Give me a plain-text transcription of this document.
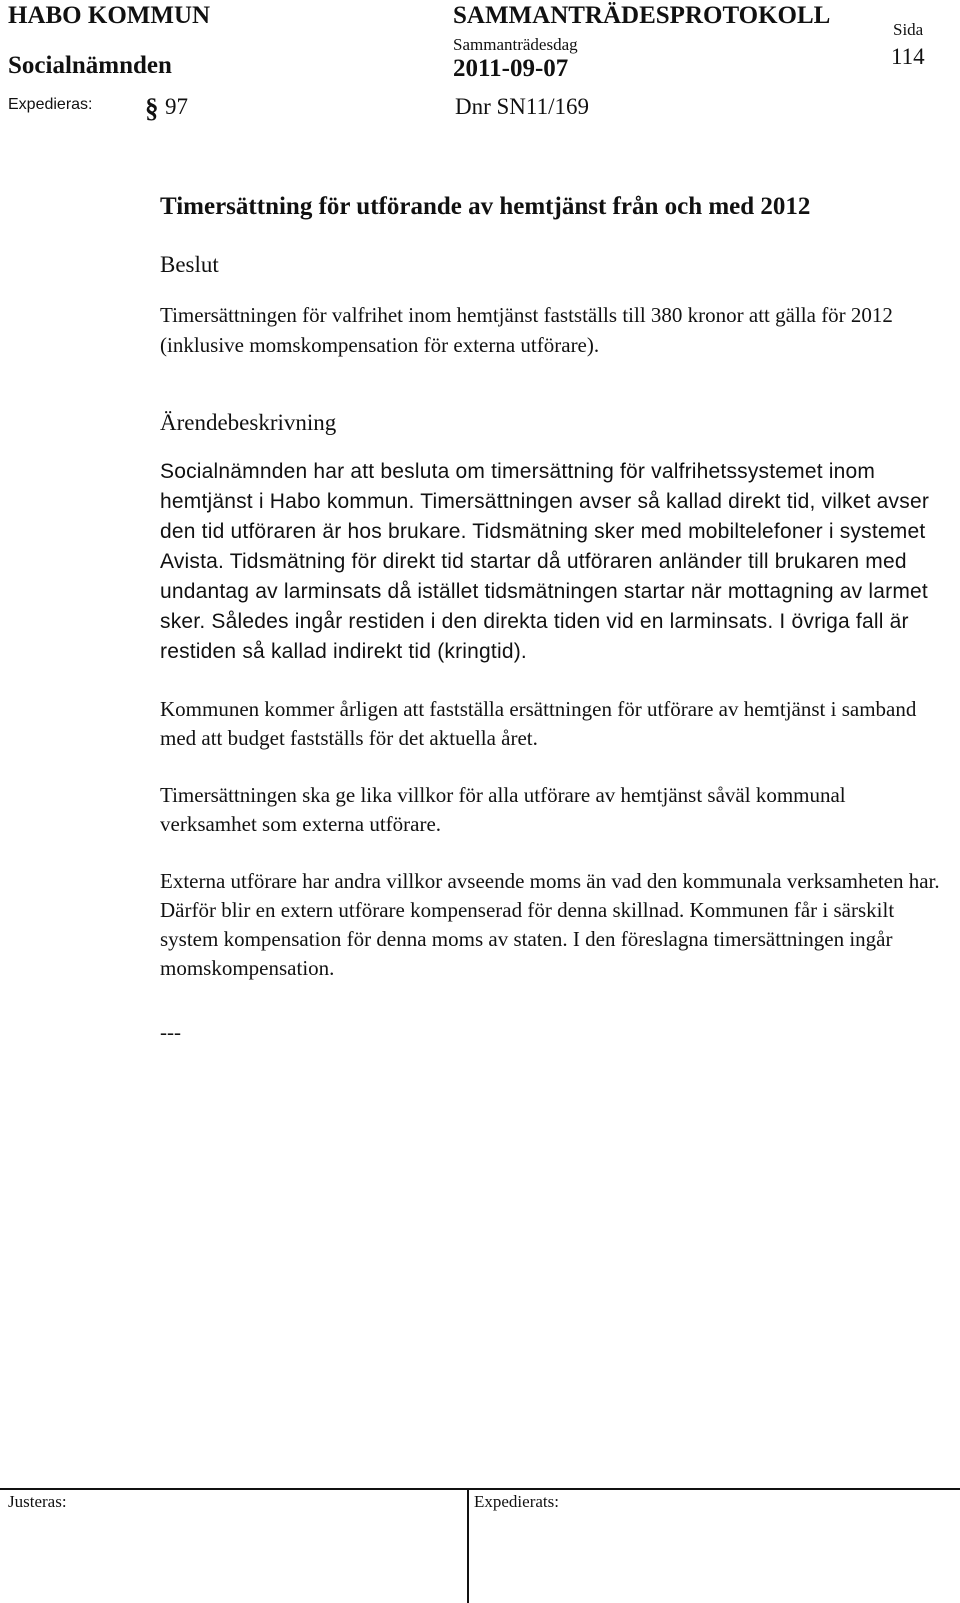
HABO KOMMUN	SAMMANTRÄDESPROTOKOLL
Sida
114
Socialnämnden
Sammanträdesdag
2011-09-07
Expedieras: § 97	Dnr SN11/169
Timersättning för utförande av hemtjänst från och med 2012
Beslut

Timersättningen för valfrihet inom hemtjänst fastställs till 380 kronor att gälla för 2012 (inklusive momskompensation för externa utförare).

Ärendebeskrivning

Socialnämnden har att besluta om timersättning för valfrihetssystemet inom hemtjänst i Habo kommun. Timersättningen avser så kallad direkt tid, vilket avser den tid utföraren är hos brukare. Tidsmätning sker med mobiltelefoner i systemet Avista. Tidsmätning för direkt tid startar då utföraren anländer till brukaren med undantag av larminsats då istället tidsmätningen startar när mottagning av larmet sker. Således ingår restiden i den direkta tiden vid en larminsats. I övriga fall är restiden så kallad indirekt tid (kringtid).

Kommunen kommer årligen att fastställa ersättningen för utförare av hemtjänst i samband med att budget fastställs för det aktuella året.

Timersättningen ska ge lika villkor för alla utförare av hemtjänst såväl kommunal verksamhet som externa utförare.

Externa utförare har andra villkor avseende moms än vad den kommunala verksamheten har. Därför blir en extern utförare kompenserad för denna skillnad. Kommunen får i särskilt system kompensation för denna moms av staten. I den föreslagna timersättningen ingår momskompensation.

---

Justeras:	Expedierats:
